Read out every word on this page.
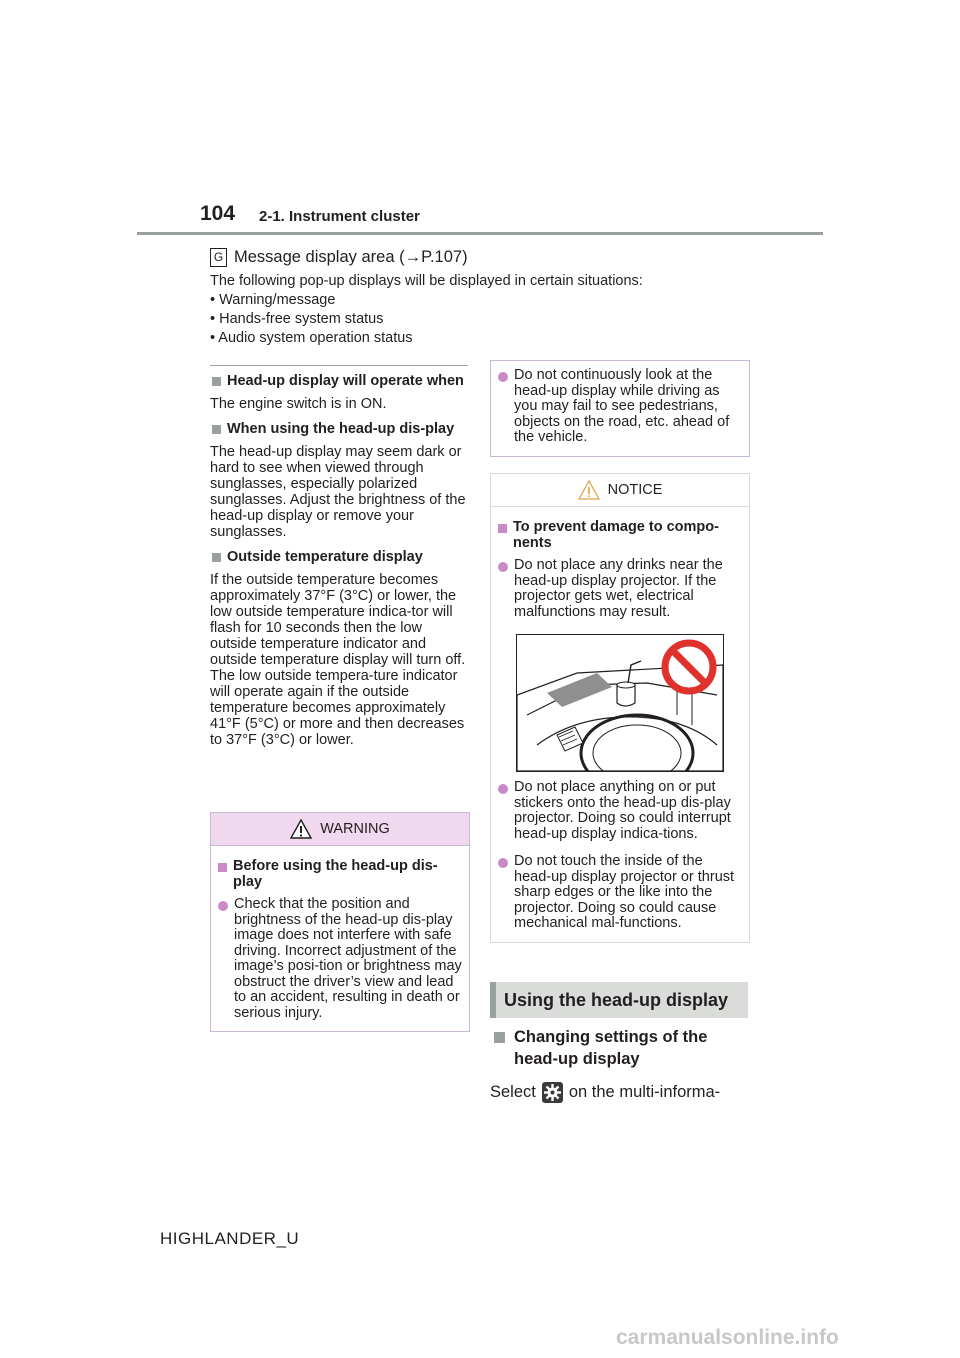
104 2-1. Instrument cluster
G Message display area ( → P.107)
The following pop-up displays will be displayed in certain situations:
• Warning/message
• Hands-free system status
• Audio system operation status
Head-up display will operate when
The engine switch is in ON.
When using the head-up dis-play
The head-up display may seem dark or hard to see when viewed through sunglasses, especially polarized sunglasses. Adjust the brightness of the head-up display or remove your sunglasses.
Outside temperature display
If the outside temperature becomes approximately 37°F (3°C) or lower, the low outside temperature indica-tor will flash for 10 seconds then the low outside temperature indicator and outside temperature display will turn off. The low outside tempera-ture indicator will operate again if the outside temperature becomes approximately 41°F (5°C) or more and then decreases to 37°F (3°C) or lower.
WARNING
Before using the head-up dis-play
Check that the position and brightness of the head-up dis-play image does not interfere with safe driving. Incorrect adjustment of the image’s posi-tion or brightness may obstruct the driver’s view and lead to an accident, resulting in death or serious injury.
Do not continuously look at the head-up display while driving as you may fail to see pedestrians, objects on the road, etc. ahead of the vehicle.
NOTICE
To prevent damage to compo-nents
Do not place any drinks near the head-up display projector. If the projector gets wet, electrical malfunctions may result.
Do not place anything on or put stickers onto the head-up dis-play projector. Doing so could interrupt head-up display indica-tions.
Do not touch the inside of the head-up display projector or thrust sharp edges or the like into the projector. Doing so could cause mechanical mal-functions.
Using the head-up display
Changing settings of the head-up display
Select on the multi-informa-
HIGHLANDER_U
carmanualsonline.info
